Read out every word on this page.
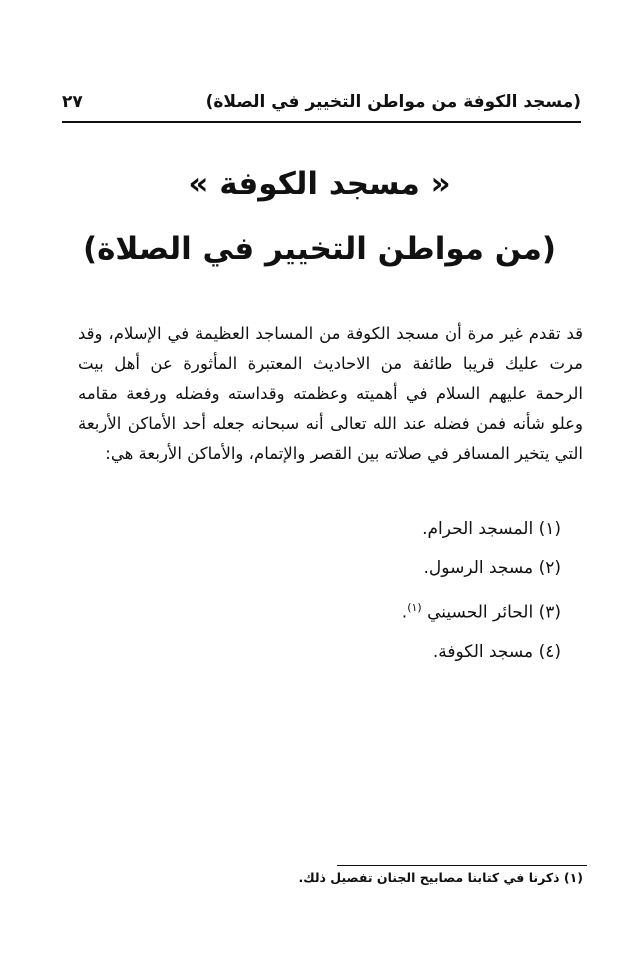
(مسجد الكوفة من مواطن التخيير في الصلاة)
٢٧
« مسجد الكوفة »
(من مواطن التخيير في الصلاة)

قد تقدم غير مرة أن مسجد الكوفة من المساجد العظيمة في الإسلام، وقد مرت عليك قريبا طائفة من الاحاديث المعتبرة المأثورة عن أهل بيت الرحمة عليهم السلام في أهميته وعظمته وقداسته وفضله ورفعة مقامه وعلو شأنه فمن فضله عند الله تعالى أنه سبحانه جعله أحد الأماكن الأربعة التي يتخير المسافر في صلاته بين القصر والإتمام، والأماكن الأربعة هي:

(١) المسجد الحرام.
(٢) مسجد الرسول.
(٣) الحائر الحسيني $^{(١)}$.
(٤) مسجد الكوفة.
(١) ذكرنا في كتابنا مصابيح الجنان تفصيل ذلك.
